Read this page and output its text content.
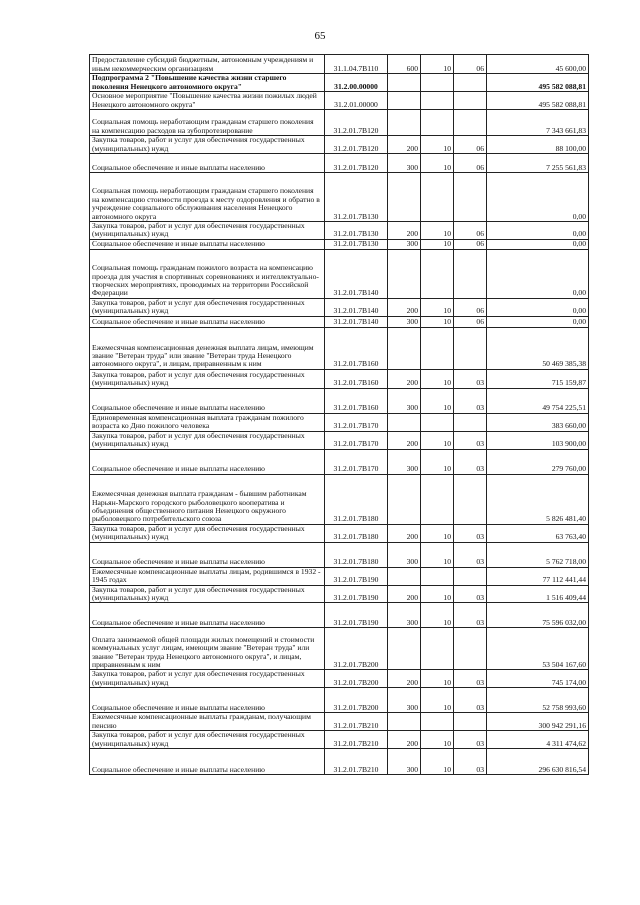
65
Предоставление субсидий бюджетным, автономным учреждениям и иным некоммерческим организациям	31.1.04.7В110	600	10	06	45 600,00
Подпрограмма 2 "Повышение качества жизни старшего поколения Ненецкого автономного округа"	31.2.00.00000				495 582 088,81
Основное мероприятие "Повышение качества жизни пожилых людей Ненецкого автономного округа"	31.2.01.00000				495 582 088,81
Социальная помощь неработающим гражданам старшего поколения на компенсацию расходов на зубопротезирование	31.2.01.7В120				7 343 661,83
Закупка товаров, работ и услуг для обеспечения государственных (муниципальных) нужд	31.2.01.7В120	200	10	06	88 100,00
Социальное обеспечение и иные выплаты населению	31.2.01.7В120	300	10	06	7 255 561,83
Социальная помощь неработающим гражданам старшего поколения на компенсацию стоимости проезда к месту оздоровления и обратно в учреждение социального обслуживания населения Ненецкого автономного округа	31.2.01.7В130				0,00
Закупка товаров, работ и услуг для обеспечения государственных (муниципальных) нужд	31.2.01.7В130	200	10	06	0,00
Социальное обеспечение и иные выплаты населению	31.2.01.7В130	300	10	06	0,00
Социальная помощь гражданам пожилого возраста на компенсацию проезда для участия в спортивных соревнованиях и интеллектуально-творческих мероприятиях, проводимых на территории Российской Федерации	31.2.01.7В140				0,00
Закупка товаров, работ и услуг для обеспечения государственных (муниципальных) нужд	31.2.01.7В140	200	10	06	0,00
Социальное обеспечение и иные выплаты населению	31.2.01.7В140	300	10	06	0,00
Ежемесячная компенсационная денежная выплата лицам, имеющим звание "Ветеран труда" или звание "Ветеран труда Ненецкого автономного округа", и лицам, приравненным к ним	31.2.01.7В160				50 469 385,38
Закупка товаров, работ и услуг для обеспечения государственных (муниципальных) нужд	31.2.01.7В160	200	10	03	715 159,87
Социальное обеспечение и иные выплаты населению	31.2.01.7В160	300	10	03	49 754 225,51
Единовременная компенсационная выплата гражданам пожилого возраста ко Дню пожилого человека	31.2.01.7В170				383 660,00
Закупка товаров, работ и услуг для обеспечения государственных (муниципальных) нужд	31.2.01.7В170	200	10	03	103 900,00
Социальное обеспечение и иные выплаты населению	31.2.01.7В170	300	10	03	279 760,00
Ежемесячная денежная выплата гражданам - бывшим работникам Нарьян-Марского городского рыболовецкого кооператива и объединения общественного питания Ненецкого окружного рыболовецкого потребительского союза	31.2.01.7В180				5 826 481,40
Закупка товаров, работ и услуг для обеспечения государственных (муниципальных) нужд	31.2.01.7В180	200	10	03	63 763,40
Социальное обеспечение и иные выплаты населению	31.2.01.7В180	300	10	03	5 762 718,00
Ежемесячные компенсационные выплаты лицам, родившимся в 1932 - 1945 годах	31.2.01.7В190				77 112 441,44
Закупка товаров, работ и услуг для обеспечения государственных (муниципальных) нужд	31.2.01.7В190	200	10	03	1 516 409,44
Социальное обеспечение и иные выплаты населению	31.2.01.7В190	300	10	03	75 596 032,00
Оплата занимаемой общей площади жилых помещений и стоимости коммунальных услуг лицам, имеющим звание "Ветеран труда" или звание "Ветеран труда Ненецкого автономного округа", и лицам, приравненным к ним	31.2.01.7В200				53 504 167,60
Закупка товаров, работ и услуг для обеспечения государственных (муниципальных) нужд	31.2.01.7В200	200	10	03	745 174,00
Социальное обеспечение и иные выплаты населению	31.2.01.7В200	300	10	03	52 758 993,60
Ежемесячные компенсационные выплаты гражданам, получающим пенсию	31.2.01.7В210				300 942 291,16
Закупка товаров, работ и услуг для обеспечения государственных (муниципальных) нужд	31.2.01.7В210	200	10	03	4 311 474,62
Социальное обеспечение и иные выплаты населению	31.2.01.7В210	300	10	03	296 630 816,54
